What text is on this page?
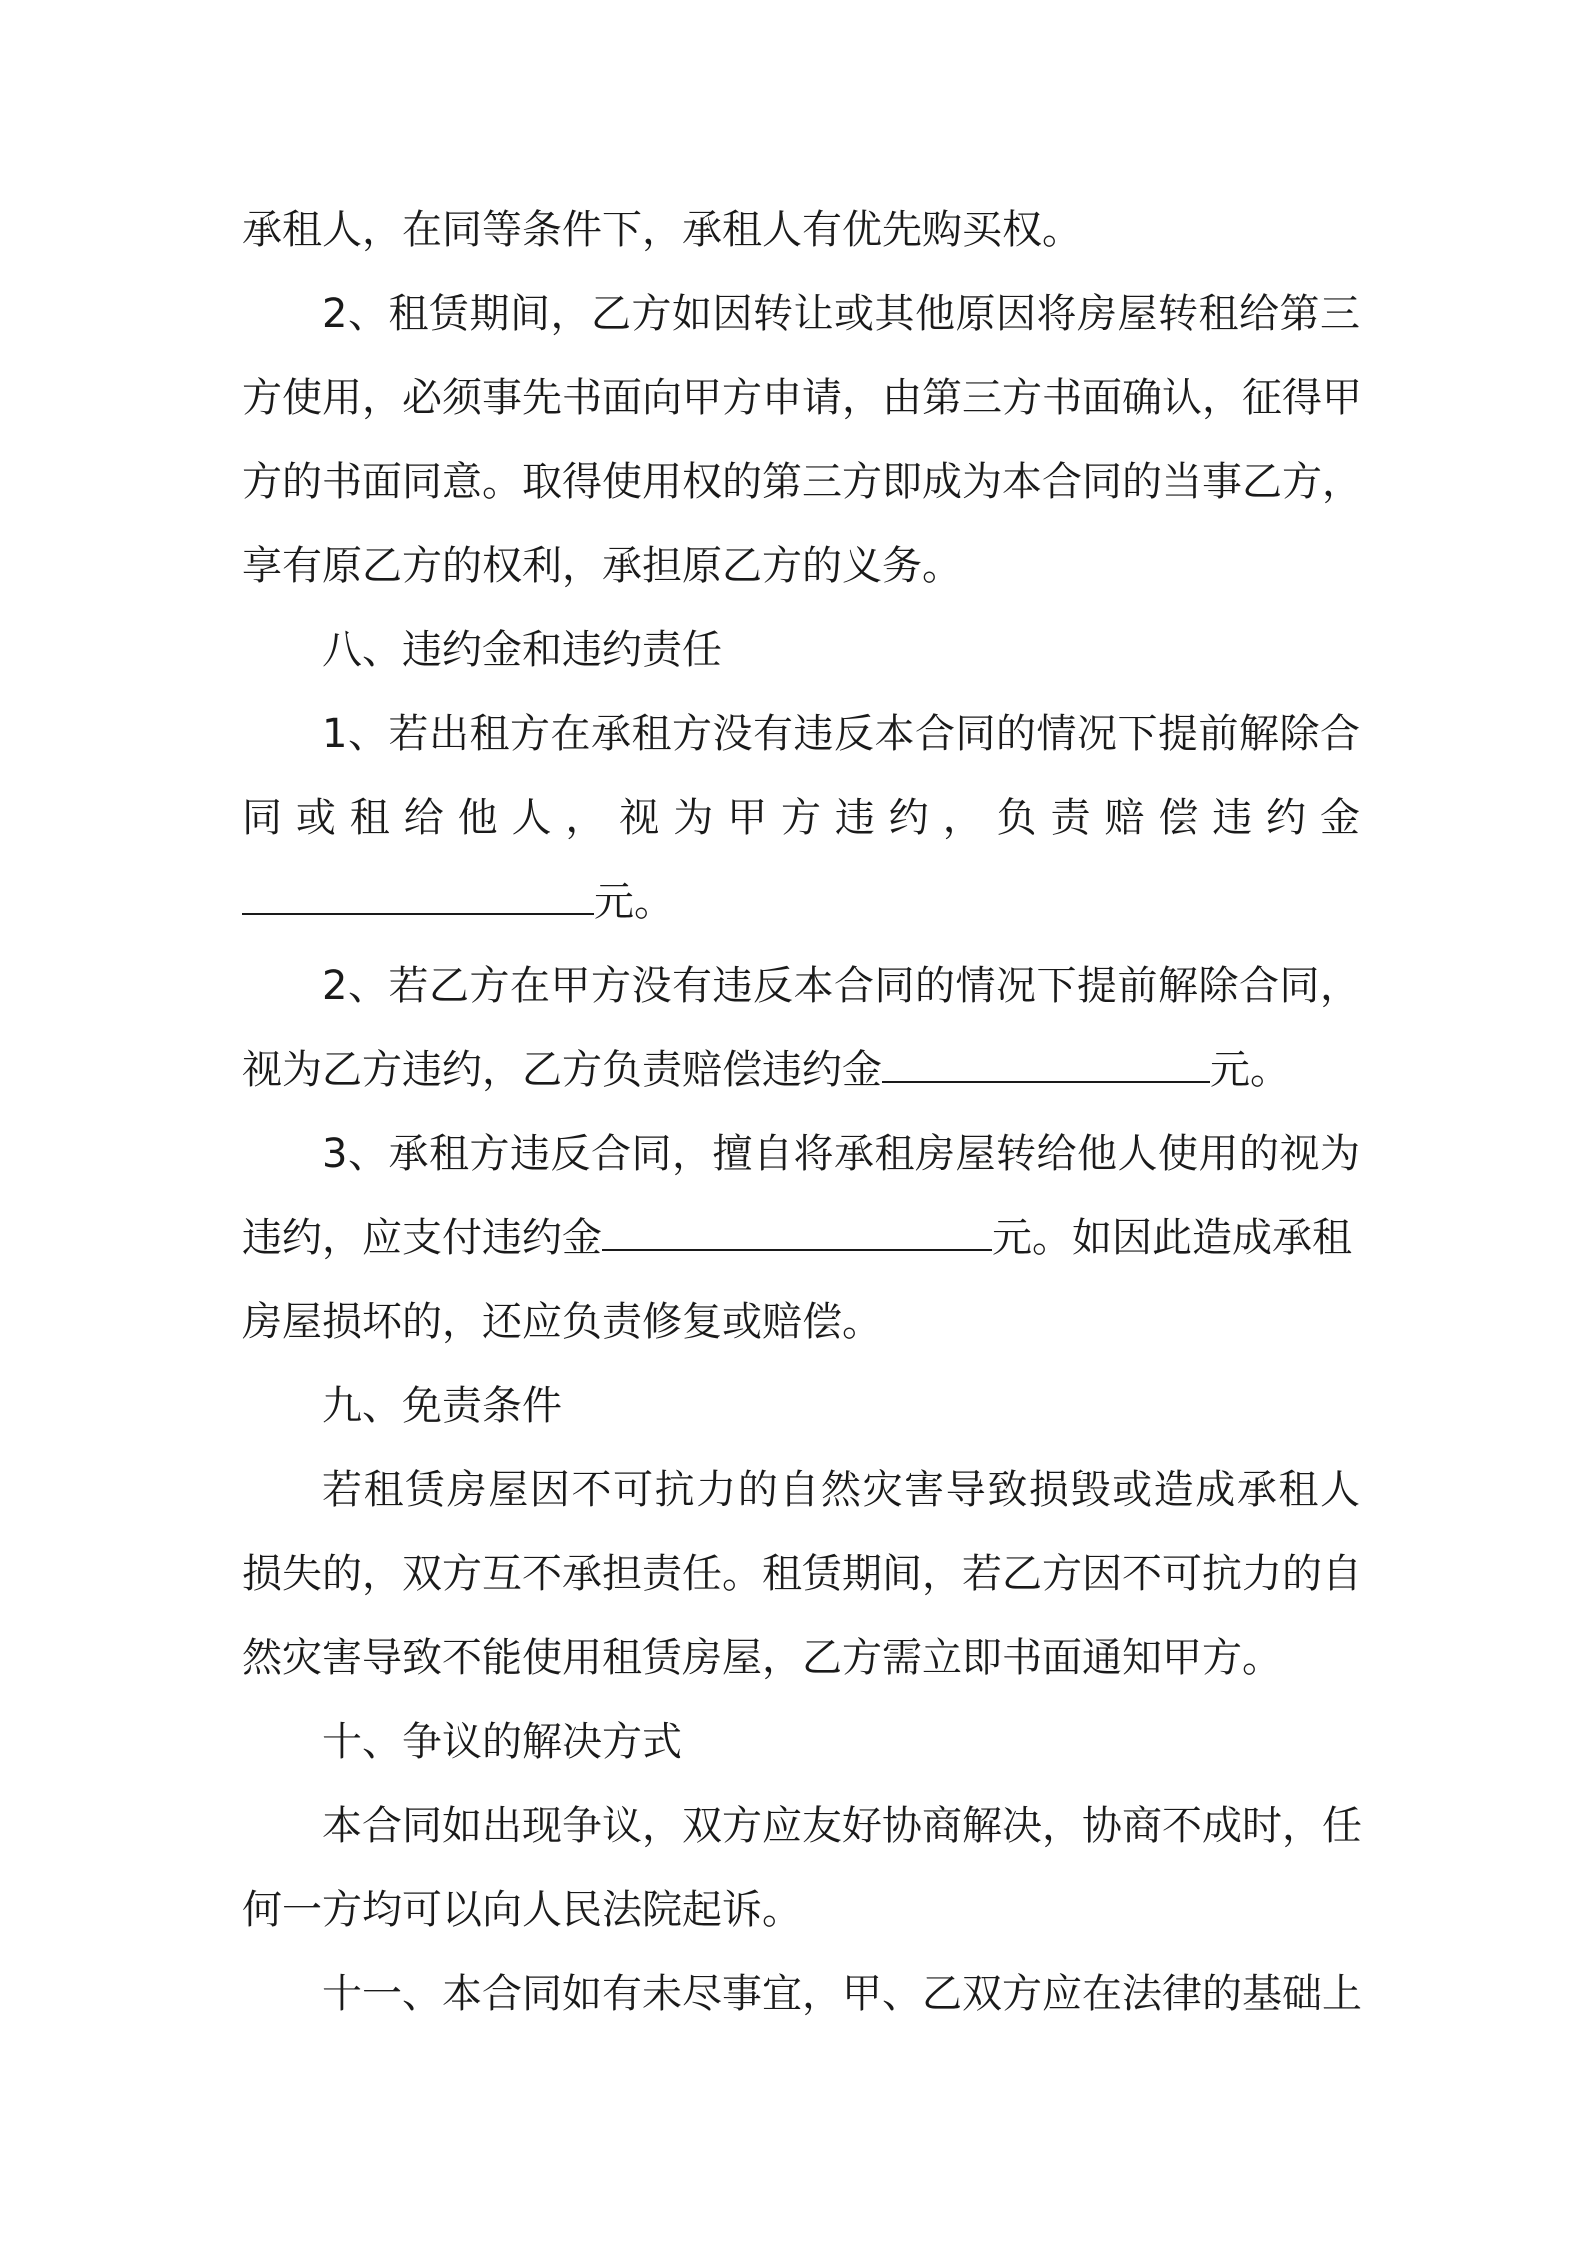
承租人，在同等条件下，承租人有优先购买权。
2、租赁期间，乙方如因转让或其他原因将房屋转租给第三
方使用，必须事先书面向甲方申请，由第三方书面确认，征得甲
方的书面同意。取得使用权的第三方即成为本合同的当事乙方，
享有原乙方的权利，承担原乙方的义务。
八、违约金和违约责任
1、若出租方在承租方没有违反本合同的情况下提前解除合
同或租给他人，视为甲方违约，负责赔偿违约金
元。
2、若乙方在甲方没有违反本合同的情况下提前解除合同，
视为乙方违约，乙方负责赔偿违约金	元。
3、承租方违反合同，擅自将承租房屋转给他人使用的视为
违约，应支付违约金	元。如因此造成承租
房屋损坏的，还应负责修复或赔偿。
九、免责条件
若租赁房屋因不可抗力的自然灾害导致损毁或造成承租人
损失的，双方互不承担责任。租赁期间，若乙方因不可抗力的自
然灾害导致不能使用租赁房屋，乙方需立即书面通知甲方。
十、争议的解决方式
本合同如出现争议，双方应友好协商解决，协商不成时，任
何一方均可以向人民法院起诉。
十一、本合同如有未尽事宜，甲、乙双方应在法律的基础上
